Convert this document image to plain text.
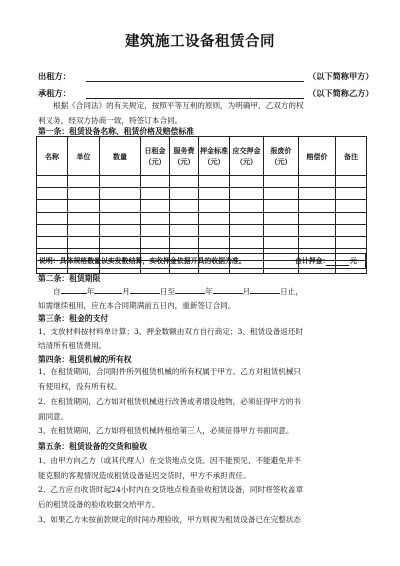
建筑施工设备租赁合同
出租方：	（以下简称甲方）
承租方：	（以下简称乙方）
根据《合同法》的有关规定，按照平等互利的原则，为明确甲、乙双方的权
利义务，经双方协商一致，特签订本合同。
第一条：租赁设备名称、租赁价格及赔偿标准
名称	单位	数量	日租金（元）	服务费（元）	押金标准（元）	应交押金（元）	报废价（元）	赔偿价	备注

说明：具体规格数量以实发数结算，实收押金依据开具的收据为准。	合计押金：	元
第二条：租赁期限
自	年	月	日至	年	月	日止，
如需继续租用，应在本合同期满前五日内，重新签订合同。
第三条：租金的支付
1、支放材料按材料单计算；3、押金数额由双方自行商定；3、租赁设备返还时
结清所有租赁费用。
第四条：租赁机械的所有权
1、在租赁期间，合同附件所列租赁机械的所有权属于甲方。乙方对租赁机械只
有使用权，没有所有权。
2、在租赁期间，乙方如对租赁机械进行改善或者增设他物，必须征得甲方的书
面同意。
3、在租赁期间，乙方如将租赁机械转租给第三人，必须征得甲方书面同意。
第五条：租赁设备的交货和验收
1、由甲方向乙方（或其代理人）在交货地点交货。因不能预见、不能避免并不
能克服的客观情况造成租赁设备延迟交货时，甲方不承担责任。
2、乙方应自收货时起24小时内在交货地点检查验收租赁设备，同时将签收盖章
后的租赁设备的验收收据交给甲方。
3、如果乙方未按前款规定的时间办理验收，甲方则视为租赁设备已在完整状态
